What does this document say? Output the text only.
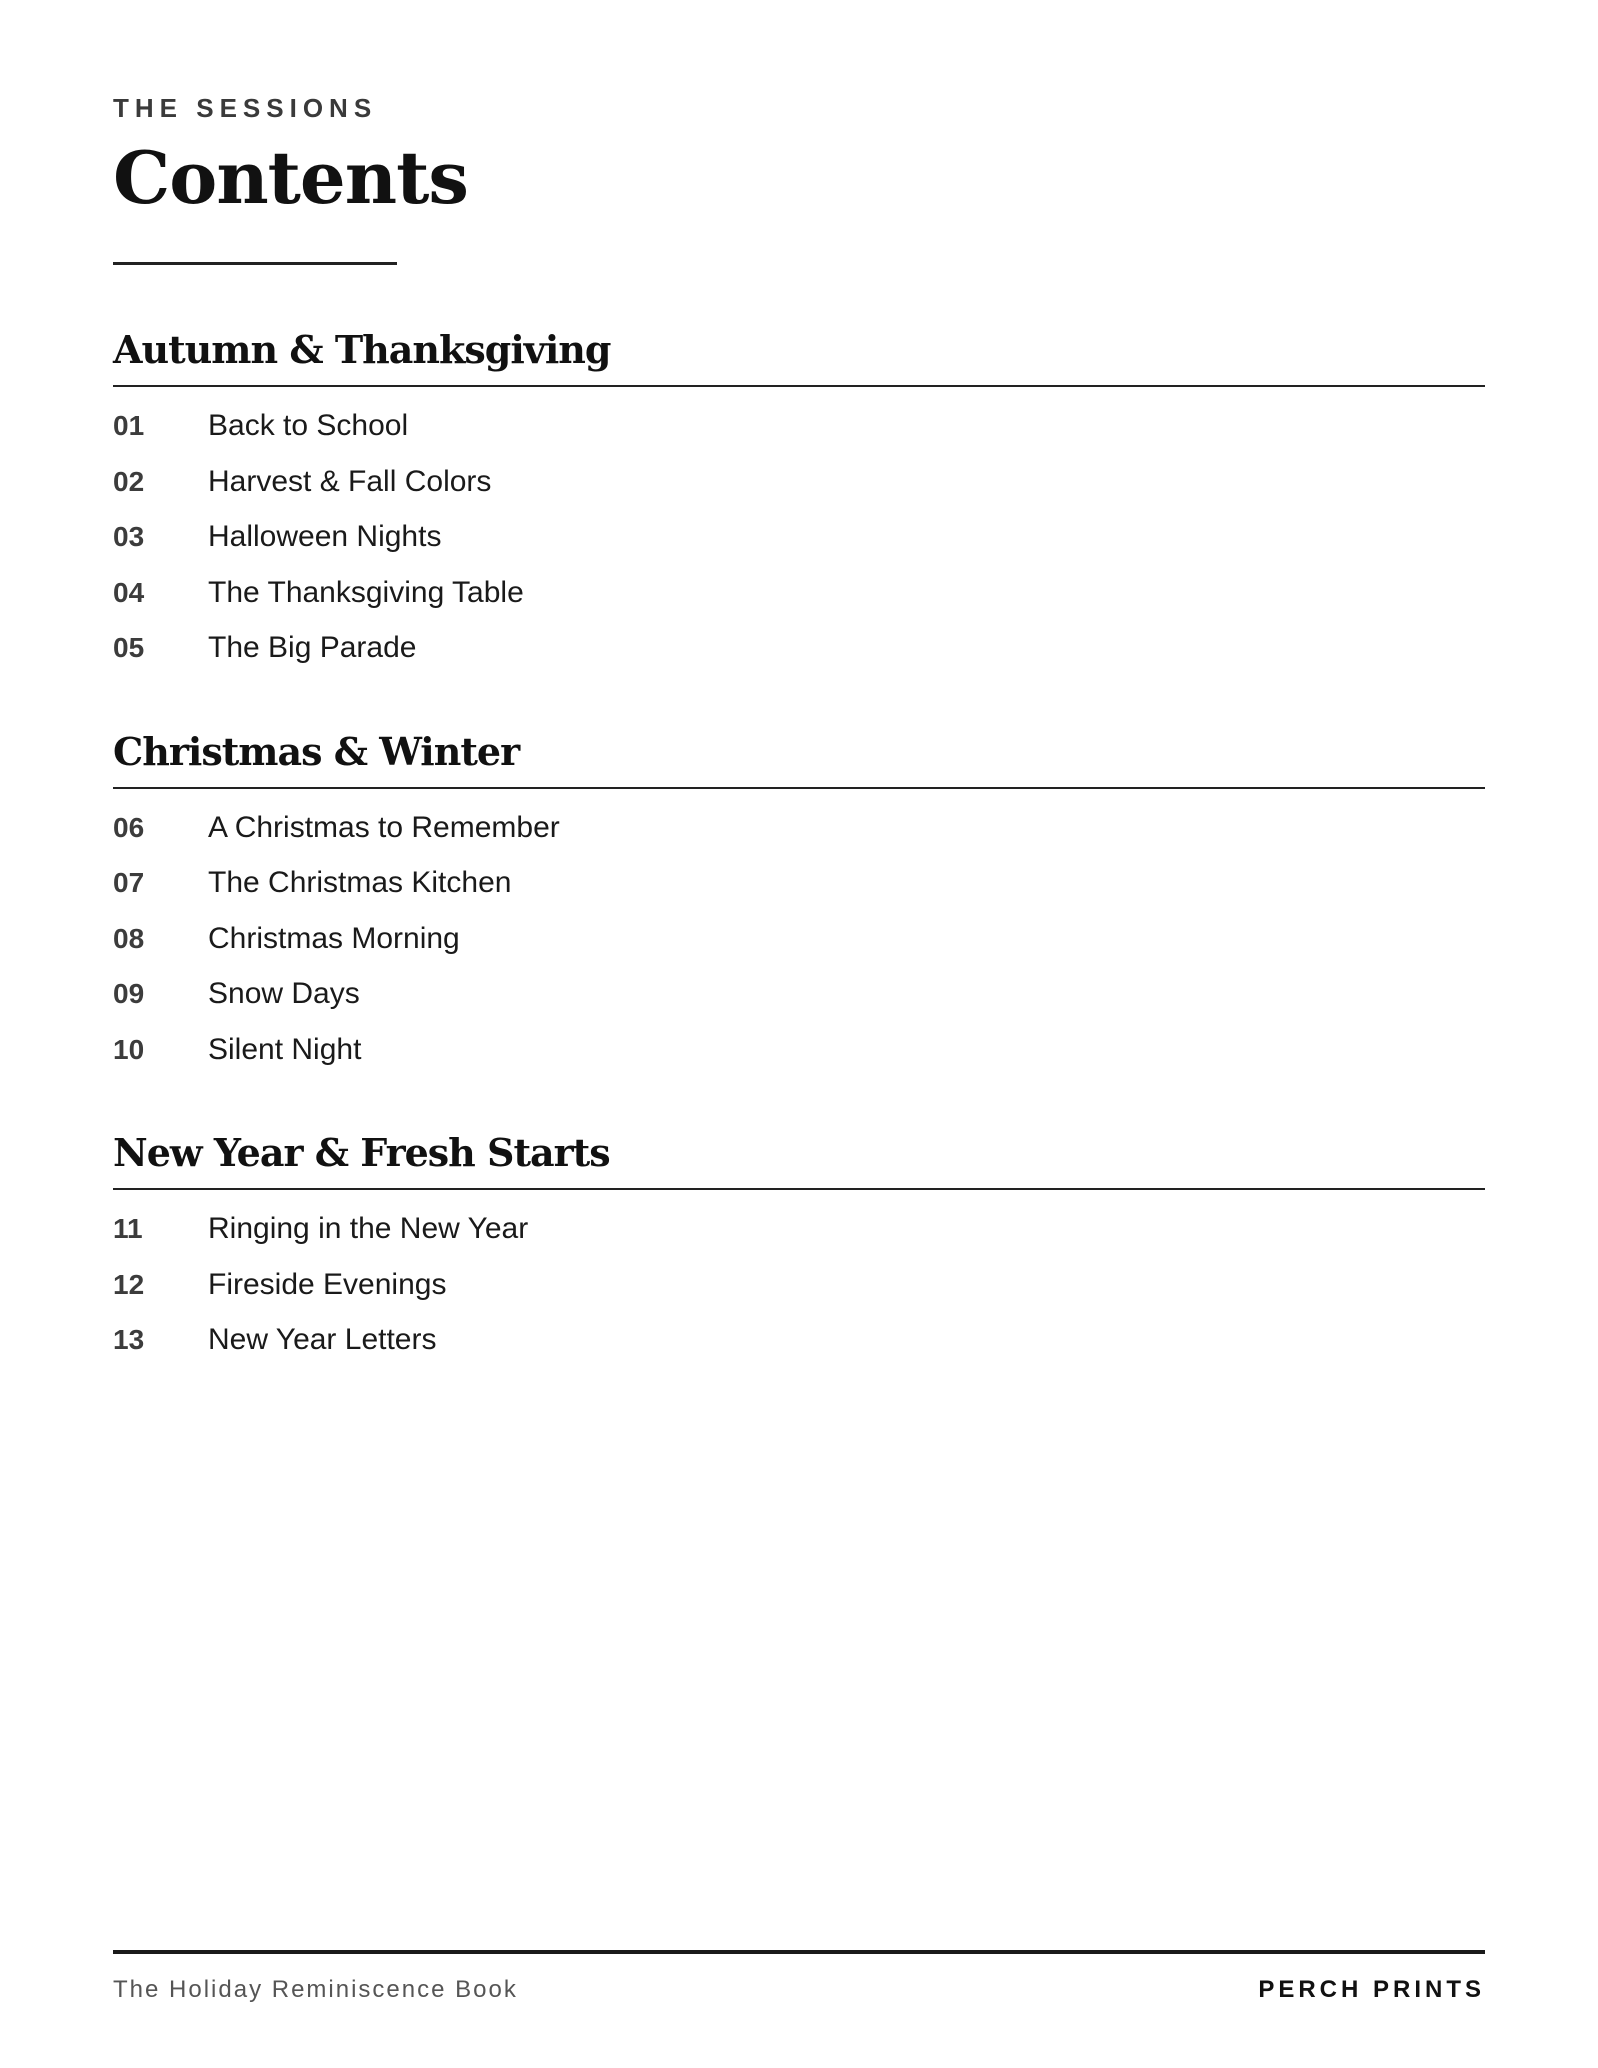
THE SESSIONS
Contents
Autumn & Thanksgiving
01	Back to School
02	Harvest & Fall Colors
03	Halloween Nights
04	The Thanksgiving Table
05	The Big Parade
Christmas & Winter
06	A Christmas to Remember
07	The Christmas Kitchen
08	Christmas Morning
09	Snow Days
10	Silent Night
New Year & Fresh Starts
11	Ringing in the New Year
12	Fireside Evenings
13	New Year Letters
The Holiday Reminiscence Book	PERCH PRINTS
